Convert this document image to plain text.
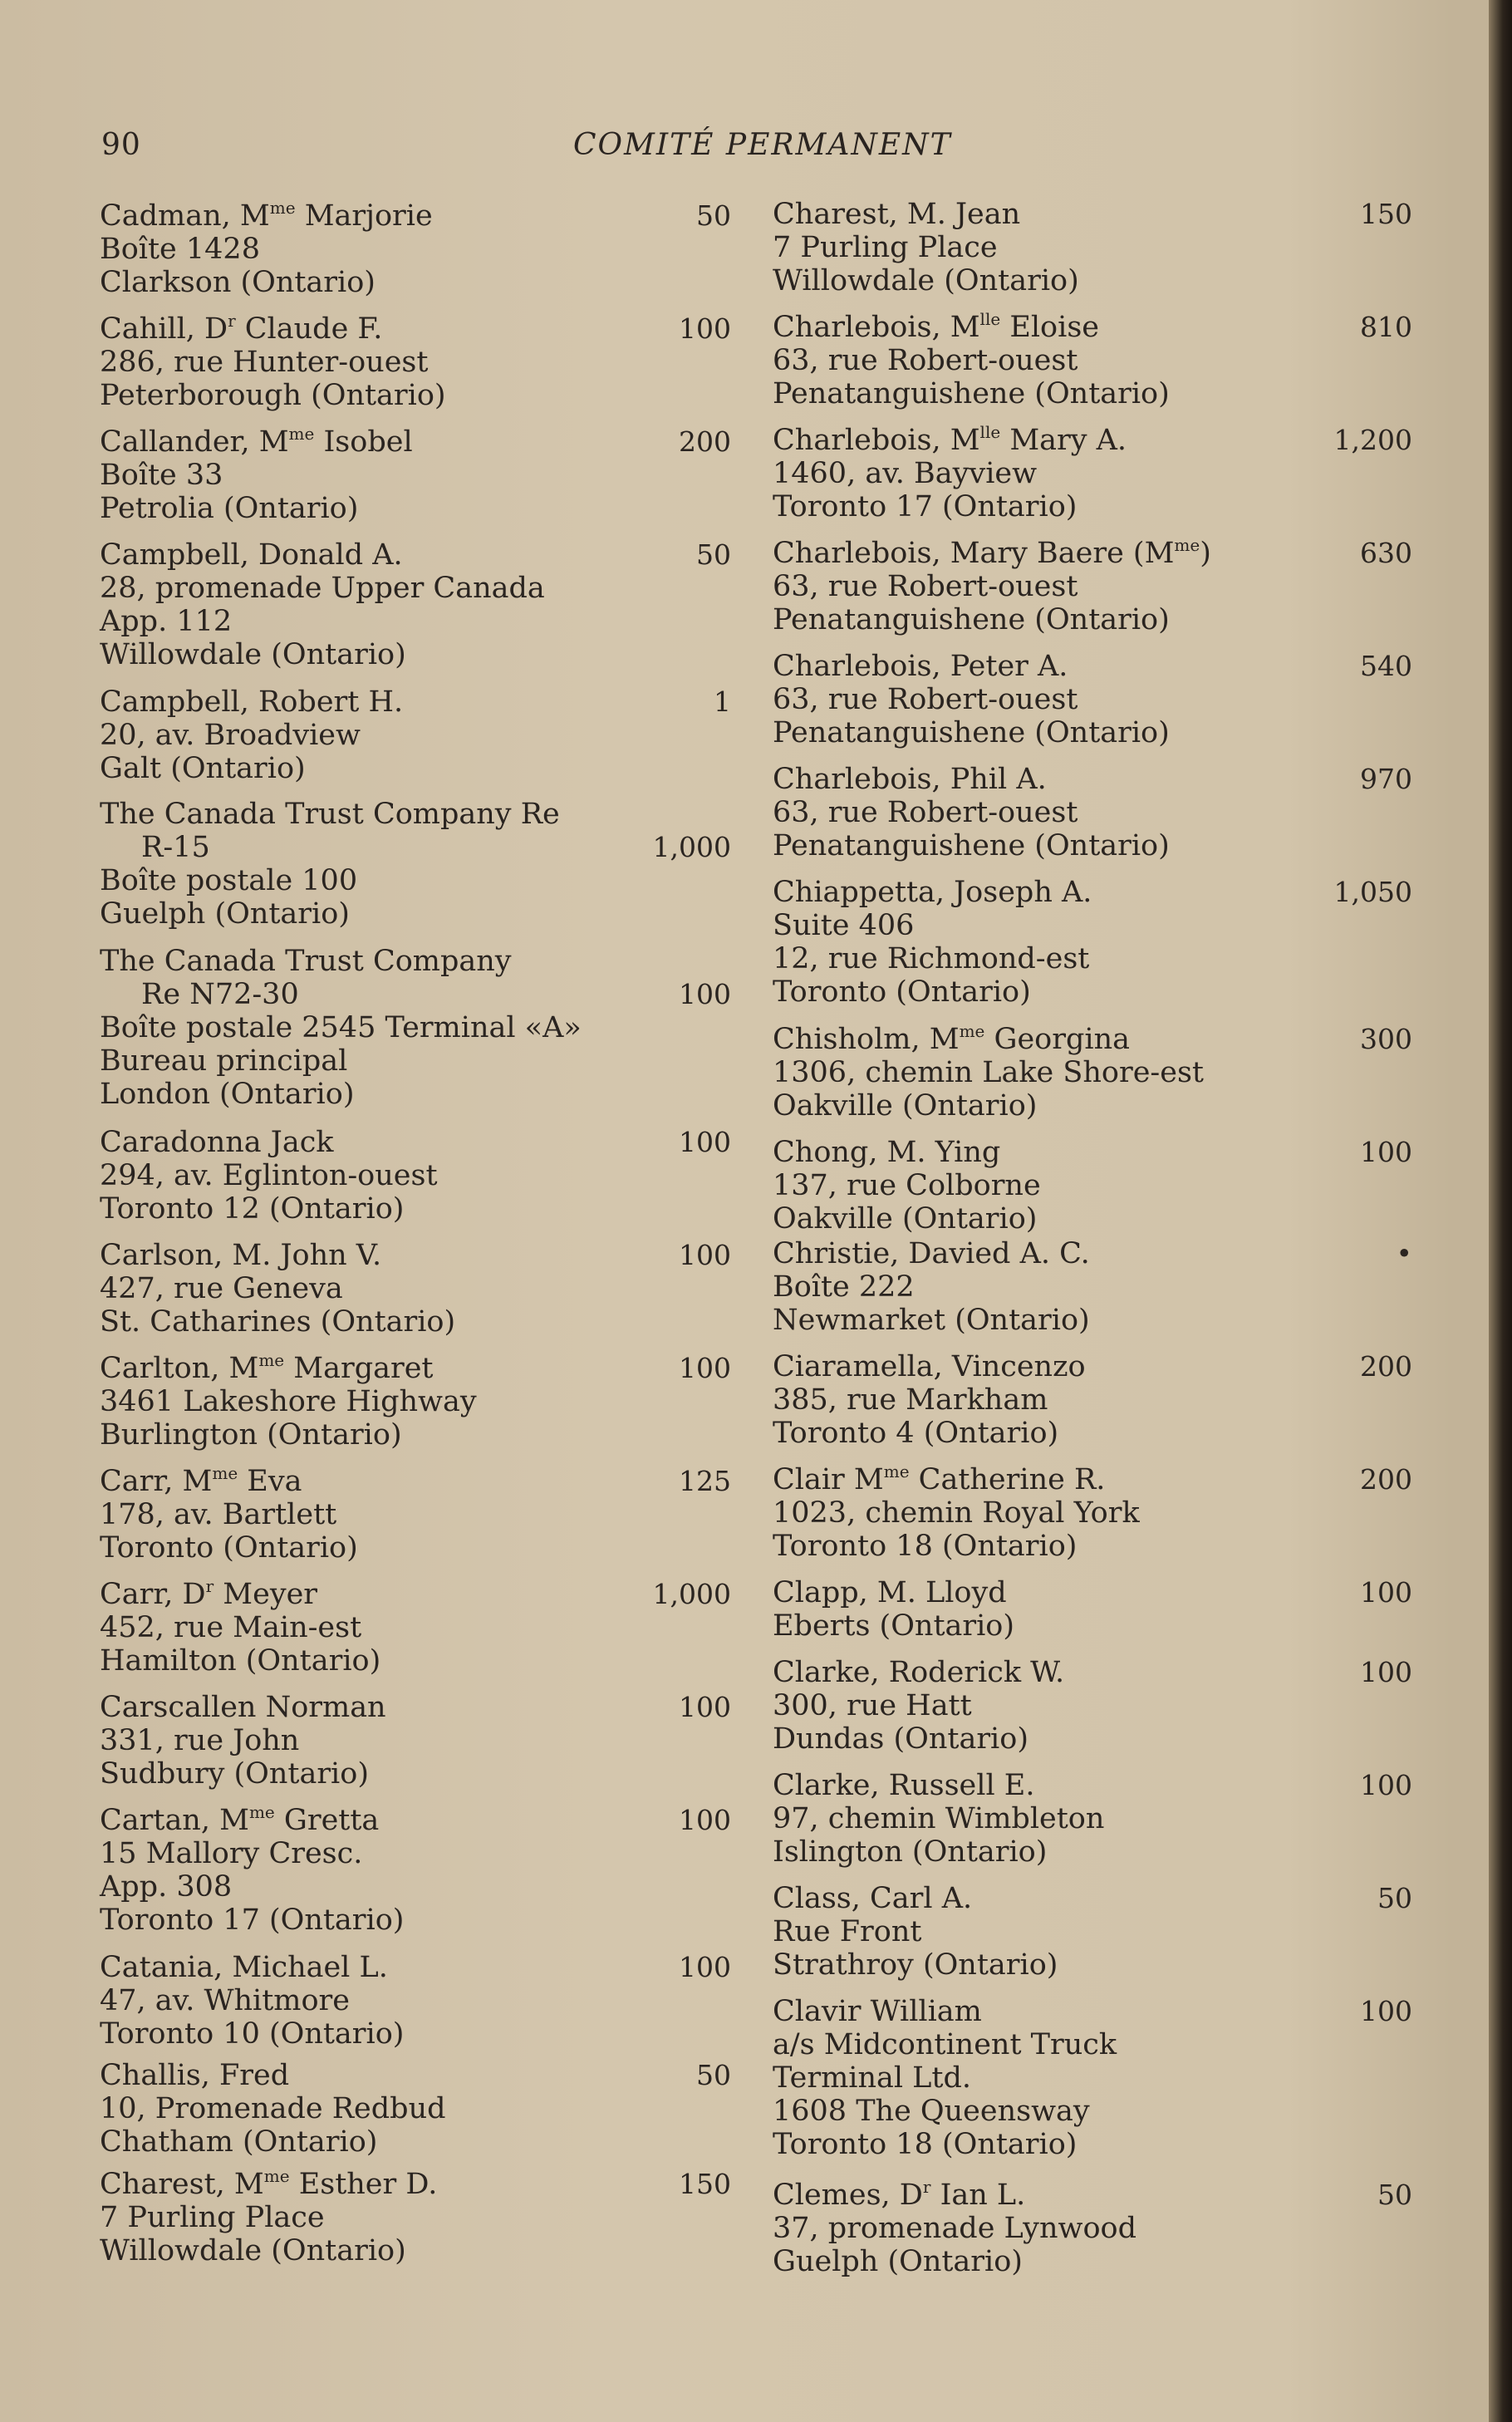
90	COMITÉ PERMANENT
Cadman, $M^{me}$ Marjorie
Boîte 1428
Clarkson (Ontario)
50
Cahill, $D^r$ Claude F.
286, rue Hunter-ouest
Peterborough (Ontario)
100
Callander, $M^{me}$ Isobel
Boîte 33
Petrolia (Ontario)
200
Campbell, Donald A.
28, promenade Upper Canada
App. 112
Willowdale (Ontario)
50
Campbell, Robert H.
20, av. Broadview
Galt (Ontario)
1
The Canada Trust Company Re
R-15
Boîte postale 100
Guelph (Ontario)
1,000
The Canada Trust Company
Re N72-30
Boîte postale 2545 Terminal «A»
Bureau principal
London (Ontario)
100
Caradonna Jack
294, av. Eglinton-ouest
Toronto 12 (Ontario)
100
Carlson, M. John V.
427, rue Geneva
St. Catharines (Ontario)
100
Carlton, $M^{me}$ Margaret
3461 Lakeshore Highway
Burlington (Ontario)
100
Carr, $M^{me}$ Eva
178, av. Bartlett
Toronto (Ontario)
125
Carr, $D^r$ Meyer
452, rue Main-est
Hamilton (Ontario)
1,000
Carscallen Norman
331, rue John
Sudbury (Ontario)
100
Cartan, $M^{me}$ Gretta
15 Mallory Cresc.
App. 308
Toronto 17 (Ontario)
100
Catania, Michael L.
47, av. Whitmore
Toronto 10 (Ontario)
100
Challis, Fred
10, Promenade Redbud
Chatham (Ontario)
50
Charest, $M^{me}$ Esther D.
7 Purling Place
Willowdale (Ontario)
150
Charest, M. Jean
7 Purling Place
Willowdale (Ontario)
150
Charlebois, $M^{lle}$ Eloise
63, rue Robert-ouest
Penatanguishene (Ontario)
810
Charlebois, $M^{lle}$ Mary A.
1460, av. Bayview
Toronto 17 (Ontario)
1,200
Charlebois, Mary Baere $(M^{me})$
63, rue Robert-ouest
Penatanguishene (Ontario)
630
Charlebois, Peter A.
63, rue Robert-ouest
Penatanguishene (Ontario)
540
Charlebois, Phil A.
63, rue Robert-ouest
Penatanguishene (Ontario)
970
Chiappetta, Joseph A.
Suite 406
12, rue Richmond-est
Toronto (Ontario)
1,050
Chisholm, $M^{me}$ Georgina
1306, chemin Lake Shore-est
Oakville (Ontario)
300
Chong, M. Ying
137, rue Colborne
Oakville (Ontario)
100
Christie, Davied A. C.
Boîte 222
Newmarket (Ontario)
•
Ciaramella, Vincenzo
385, rue Markham
Toronto 4 (Ontario)
200
Clair $M^{me}$ Catherine R.
1023, chemin Royal York
Toronto 18 (Ontario)
200
Clapp, M. Lloyd
Eberts (Ontario)
100
Clarke, Roderick W.
300, rue Hatt
Dundas (Ontario)
100
Clarke, Russell E.
97, chemin Wimbleton
Islington (Ontario)
100
Class, Carl A.
Rue Front
Strathroy (Ontario)
50
Clavir William
a/s Midcontinent Truck
Terminal Ltd.
1608 The Queensway
Toronto 18 (Ontario)
100
Clemes, $D^r$ Ian L.
37, promenade Lynwood
Guelph (Ontario)
50
